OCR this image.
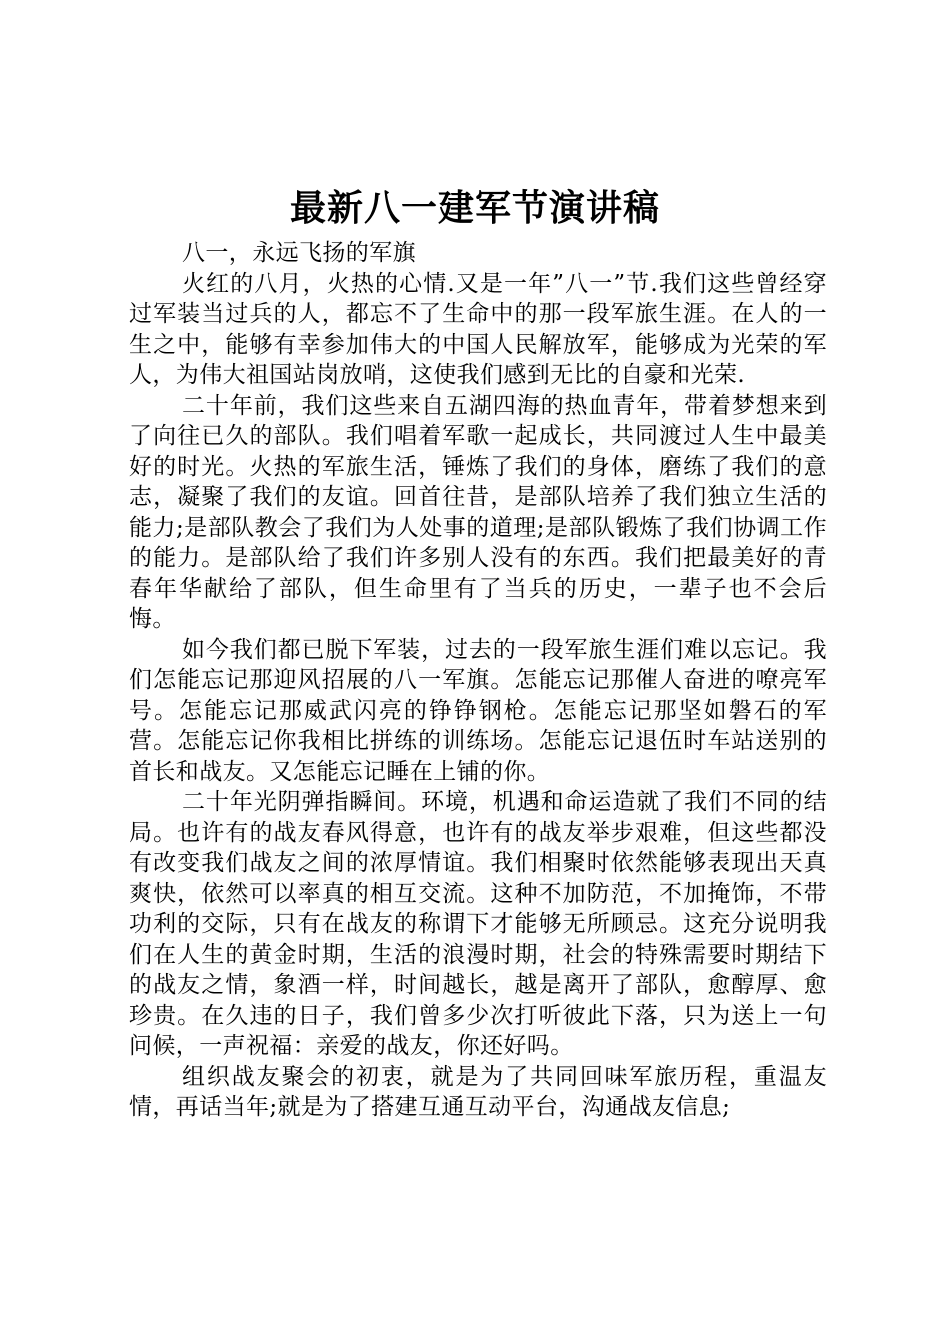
最新八一建军节演讲稿

八一，永远飞扬的军旗

火红的八月，火热的心情.又是一年”八一”节.我们这些曾经穿过军装当过兵的人，都忘不了生命中的那一段军旅生涯。在人的一生之中，能够有幸参加伟大的中国人民解放军，能够成为光荣的军人，为伟大祖国站岗放哨，这使我们感到无比的自豪和光荣.

二十年前，我们这些来自五湖四海的热血青年，带着梦想来到了向往已久的部队。我们唱着军歌一起成长，共同渡过人生中最美好的时光。火热的军旅生活，锤炼了我们的身体，磨练了我们的意志，凝聚了我们的友谊。回首往昔，是部队培养了我们独立生活的能力;是部队教会了我们为人处事的道理;是部队锻炼了我们协调工作的能力。是部队给了我们许多别人没有的东西。我们把最美好的青春年华献给了部队，但生命里有了当兵的历史，一辈子也不会后悔。

如今我们都已脱下军装，过去的一段军旅生涯们难以忘记。我们怎能忘记那迎风招展的八一军旗。怎能忘记那催人奋进的嘹亮军号。怎能忘记那威武闪亮的铮铮钢枪。怎能忘记那坚如磐石的军营。怎能忘记你我相比拼练的训练场。怎能忘记退伍时车站送别的首长和战友。又怎能忘记睡在上铺的你。

二十年光阴弹指瞬间。环境，机遇和命运造就了我们不同的结局。也许有的战友春风得意，也许有的战友举步艰难，但这些都没有改变我们战友之间的浓厚情谊。我们相聚时依然能够表现出天真爽快，依然可以率真的相互交流。这种不加防范，不加掩饰，不带功利的交际，只有在战友的称谓下才能够无所顾忌。这充分说明我们在人生的黄金时期，生活的浪漫时期，社会的特殊需要时期结下的战友之情，象酒一样，时间越长，越是离开了部队，愈醇厚、愈珍贵。在久违的日子，我们曾多少次打听彼此下落，只为送上一句问候，一声祝福：亲爱的战友，你还好吗。

组织战友聚会的初衷，就是为了共同回味军旅历程，重温友情，再话当年;就是为了搭建互通互动平台，沟通战友信息;
